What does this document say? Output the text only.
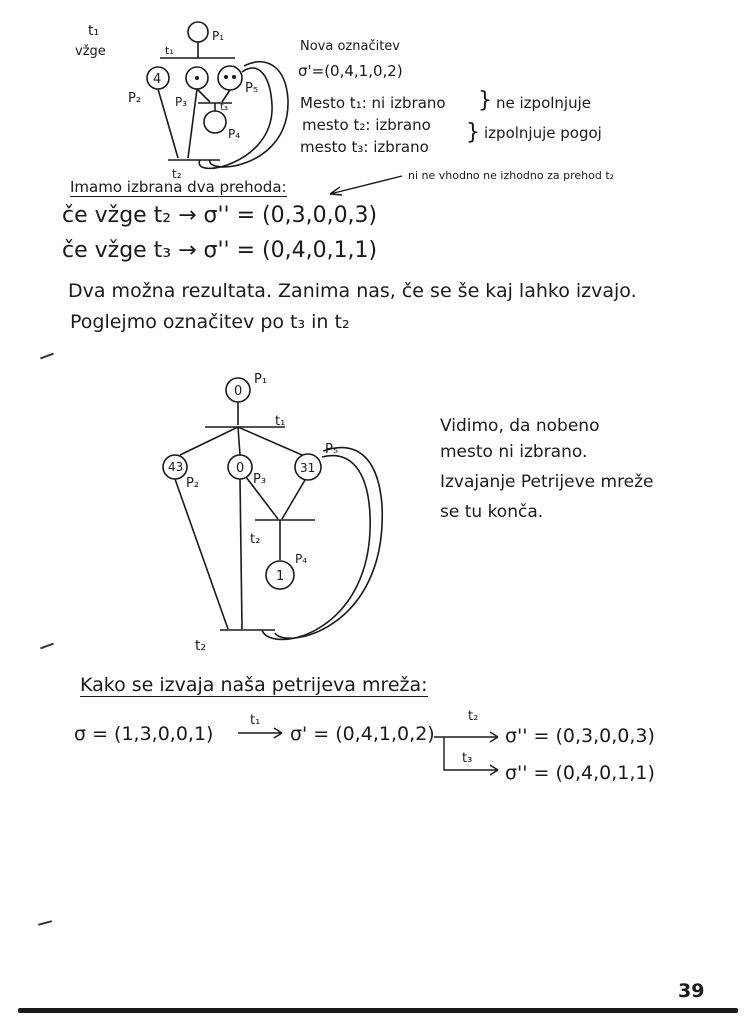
4
t₁
vžge
P₁
t₁
P₂	P₃	t₃
P₄
P₅
t₂
Nova označitev
σ'=(0,4,1,0,2)
Mesto t₁: ni izbrano
mesto t₂: izbrano
mesto t₃: izbrano
} ne izpolnjuje
} izpolnjuje pogoj
ni ne vhodno ne izhodno za prehod t₂
Imamo izbrana dva prehoda:
če vžge t₂ → σ'' = (0,3,0,0,3)
če vžge t₃ → σ'' = (0,4,0,1,1)
Dva možna rezultata. Zanima nas, če se še kaj lahko izvajo.
Poglejmo označitev po t₃ in t₂
0
43	0	31
1
P₁
t₁
P₂	P₃
P₅
t₂
P₄
t₂
Vidimo, da nobeno
mesto ni izbrano.
Izvajanje Petrijeve mreže
se tu konča.
Kako se izvaja naša petrijeva mreža:
σ = (1,3,0,0,1)
t₁
σ' = (0,4,1,0,2)
t₂
t₃
σ'' = (0,3,0,0,3)
σ'' = (0,4,0,1,1)
39
